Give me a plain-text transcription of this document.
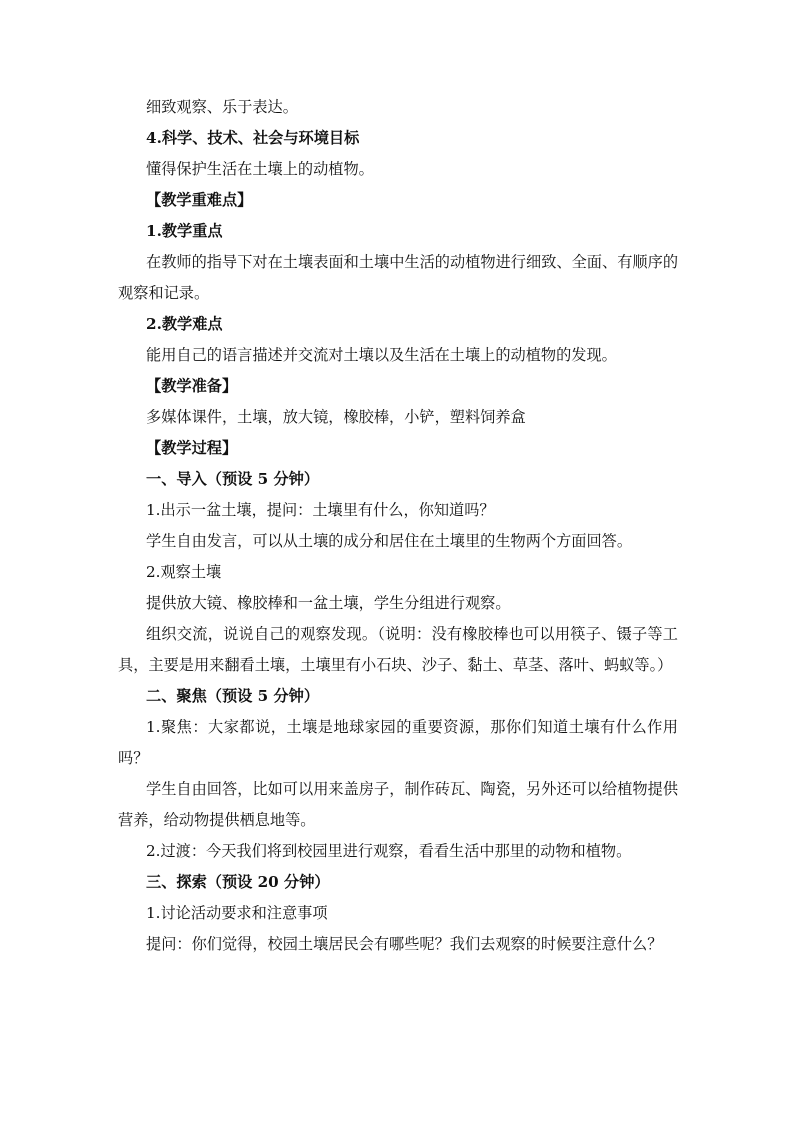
细致观察、乐于表达。

4.科学、技术、社会与环境目标

懂得保护生活在土壤上的动植物。

【教学重难点】

1.教学重点

在教师的指导下对在土壤表面和土壤中生活的动植物进行细致、全面、有顺序的观察和记录。

2.教学难点

能用自己的语言描述并交流对土壤以及生活在土壤上的动植物的发现。

【教学准备】

多媒体课件，土壤，放大镜，橡胶棒，小铲，塑料饲养盒

【教学过程】

一、导入（预设 5 分钟）

1.出示一盆土壤，提问：土壤里有什么，你知道吗？

学生自由发言，可以从土壤的成分和居住在土壤里的生物两个方面回答。

2.观察土壤

提供放大镜、橡胶棒和一盆土壤，学生分组进行观察。

组织交流，说说自己的观察发现。（说明：没有橡胶棒也可以用筷子、镊子等工具，主要是用来翻看土壤，土壤里有小石块、沙子、黏土、草茎、落叶、蚂蚁等。）

二、聚焦（预设 5 分钟）

1.聚焦：大家都说，土壤是地球家园的重要资源，那你们知道土壤有什么作用吗？

学生自由回答，比如可以用来盖房子，制作砖瓦、陶瓷，另外还可以给植物提供营养，给动物提供栖息地等。

2.过渡：今天我们将到校园里进行观察，看看生活中那里的动物和植物。

三、探索（预设 20 分钟）

1.讨论活动要求和注意事项

提问：你们觉得，校园土壤居民会有哪些呢？我们去观察的时候要注意什么？
